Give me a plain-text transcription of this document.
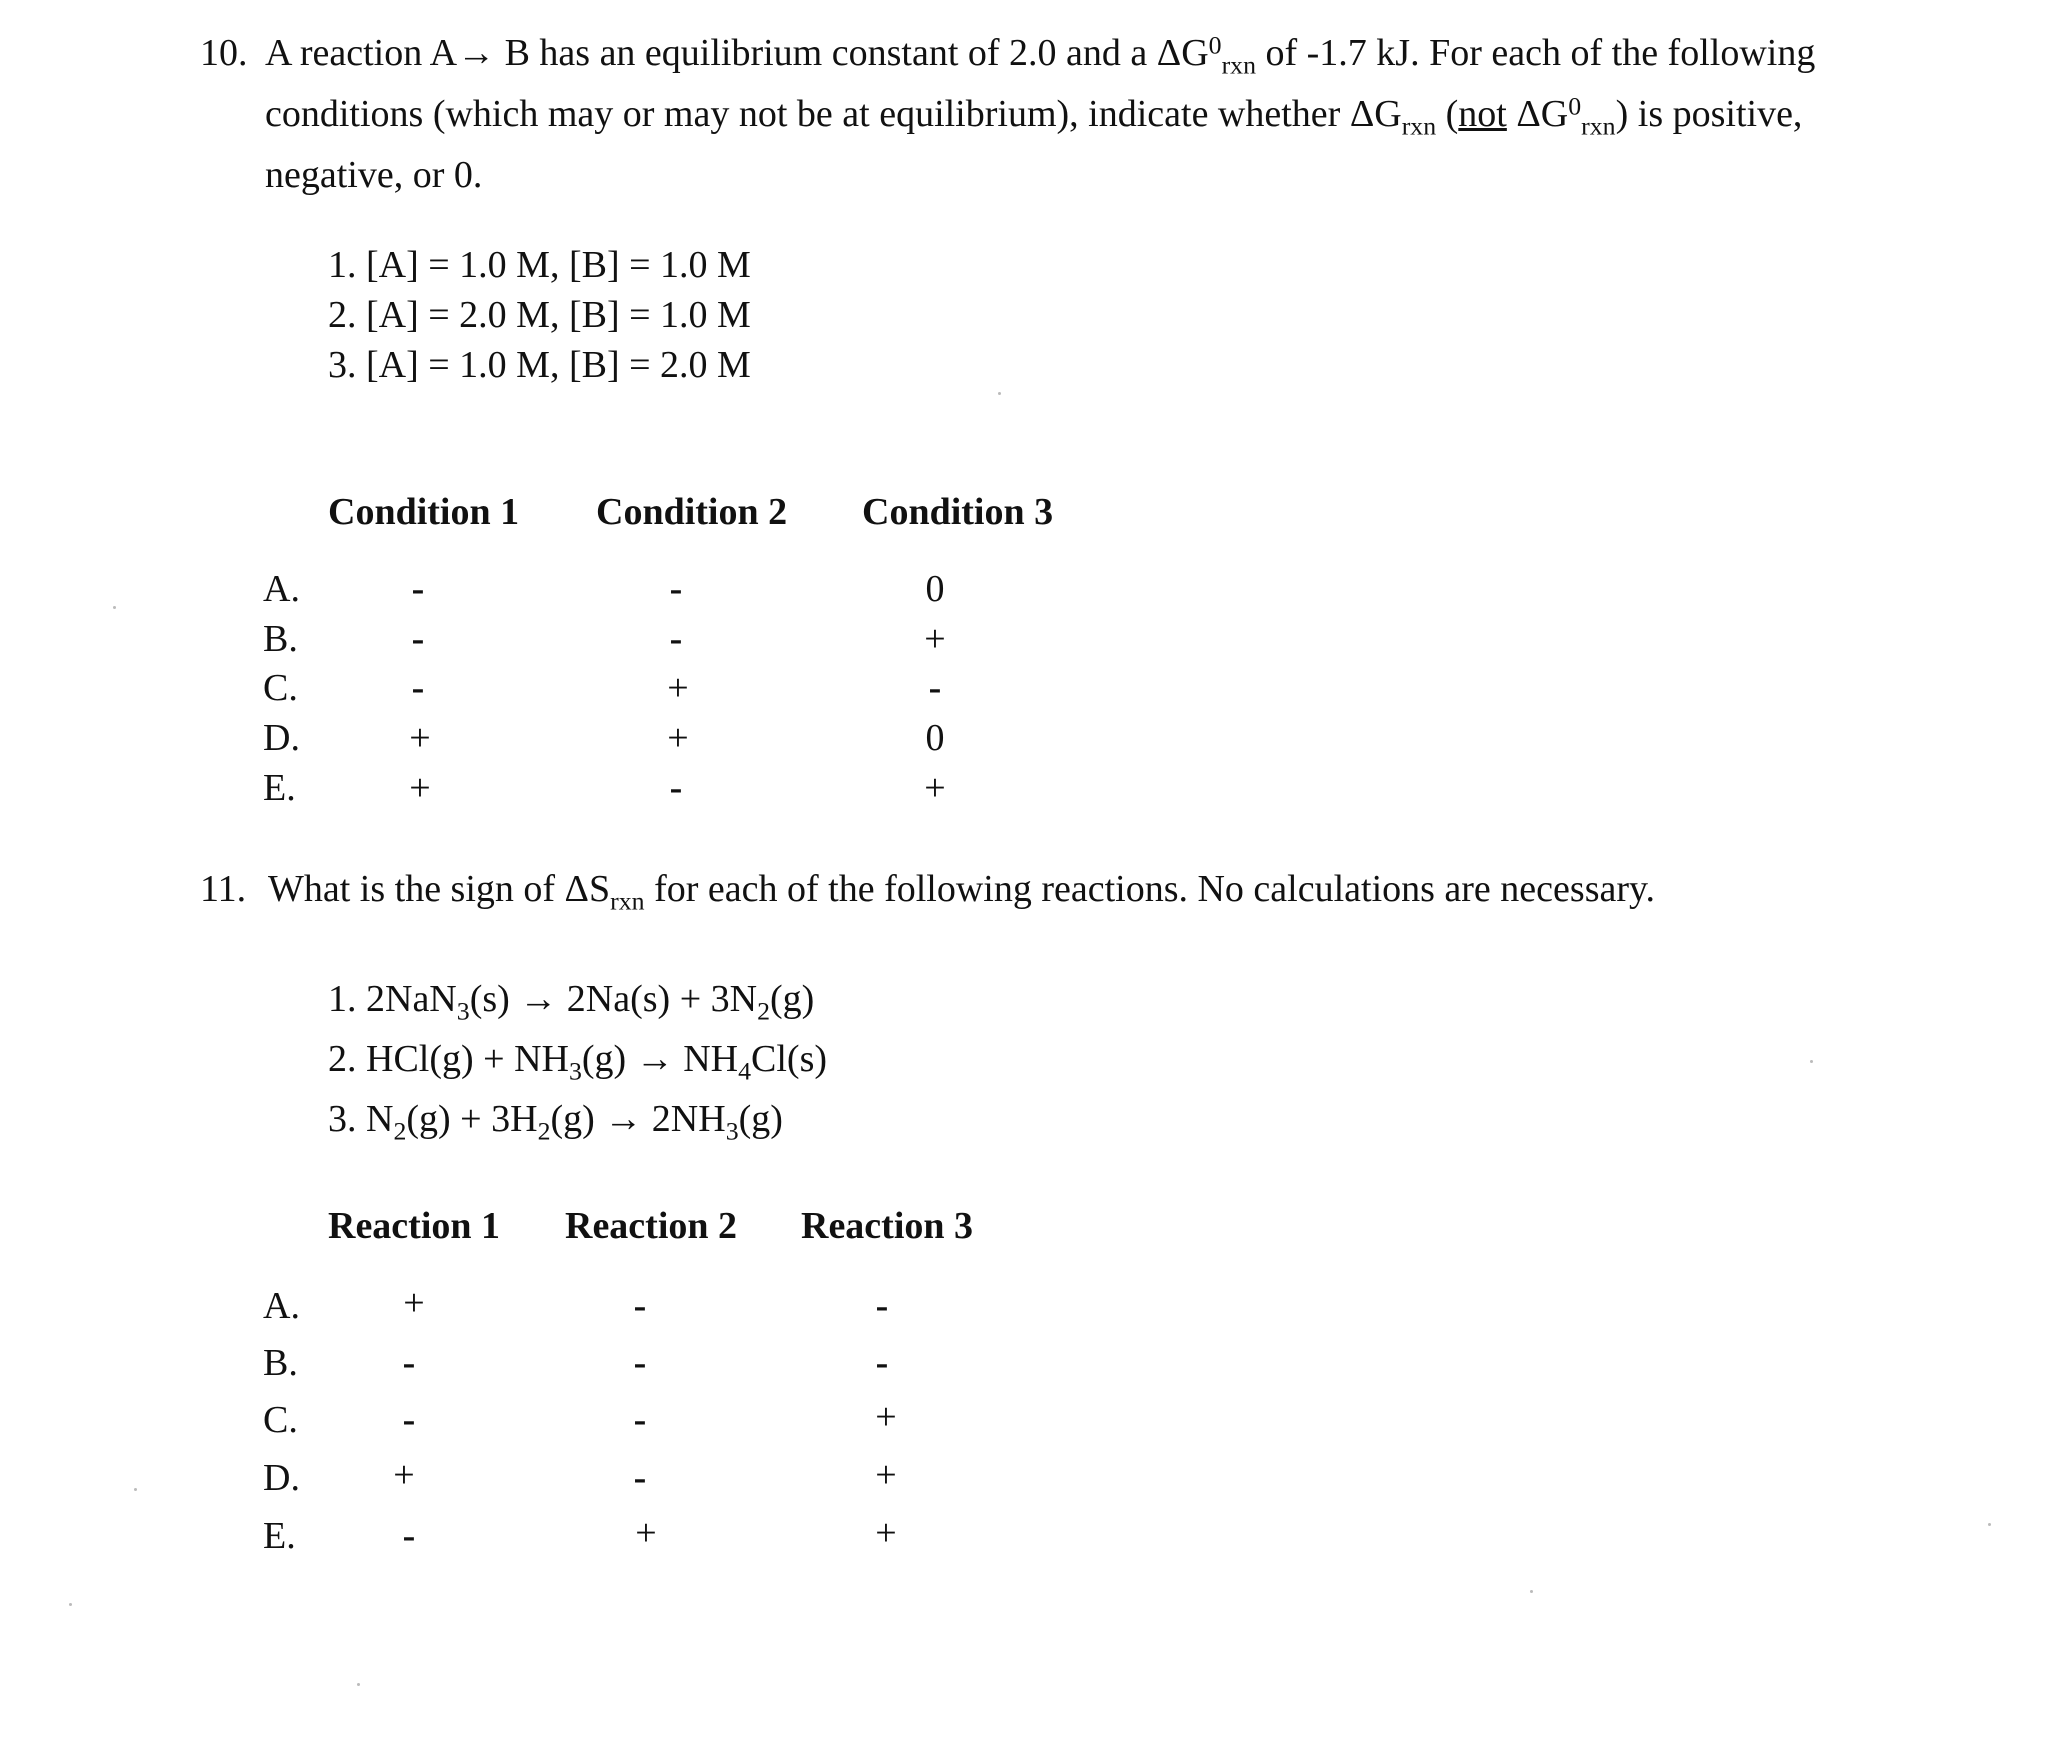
10. A reaction A→ B has an equilibrium constant of 2.0 and a $\Delta G^0_{rxn}$ of -1.7 kJ. For each of the following
conditions (which may or may not be at equilibrium), indicate whether $\Delta G_{rxn}$ (not $\Delta G^0_{rxn}$) is positive,
negative, or 0.
1. [A] = 1.0 M, [B] = 1.0 M
2. [A] = 2.0 M, [B] = 1.0 M
3. [A] = 1.0 M, [B] = 2.0 M
Condition 1 Condition 2 Condition 3
A.	-	-	0
B.	-	-	+
C.	-	+	-
D.	+	+	0
E.	+	-	+
11. What is the sign of $\Delta S_{rxn}$ for each of the following reactions. No calculations are necessary.
1. $2NaN_3(s) \to 2Na(s) + 3N_2(g)$
2. $HCl(g) + NH_3(g) \to NH_4Cl(s)$
3. $N_2(g) + 3H_2(g) \to 2NH_3(g)$
Reaction 1 Reaction 2 Reaction 3
A.	+	-	-
B.	-	-	-
C.	-	-	+
D. +	-	+
E.	-	+	+
